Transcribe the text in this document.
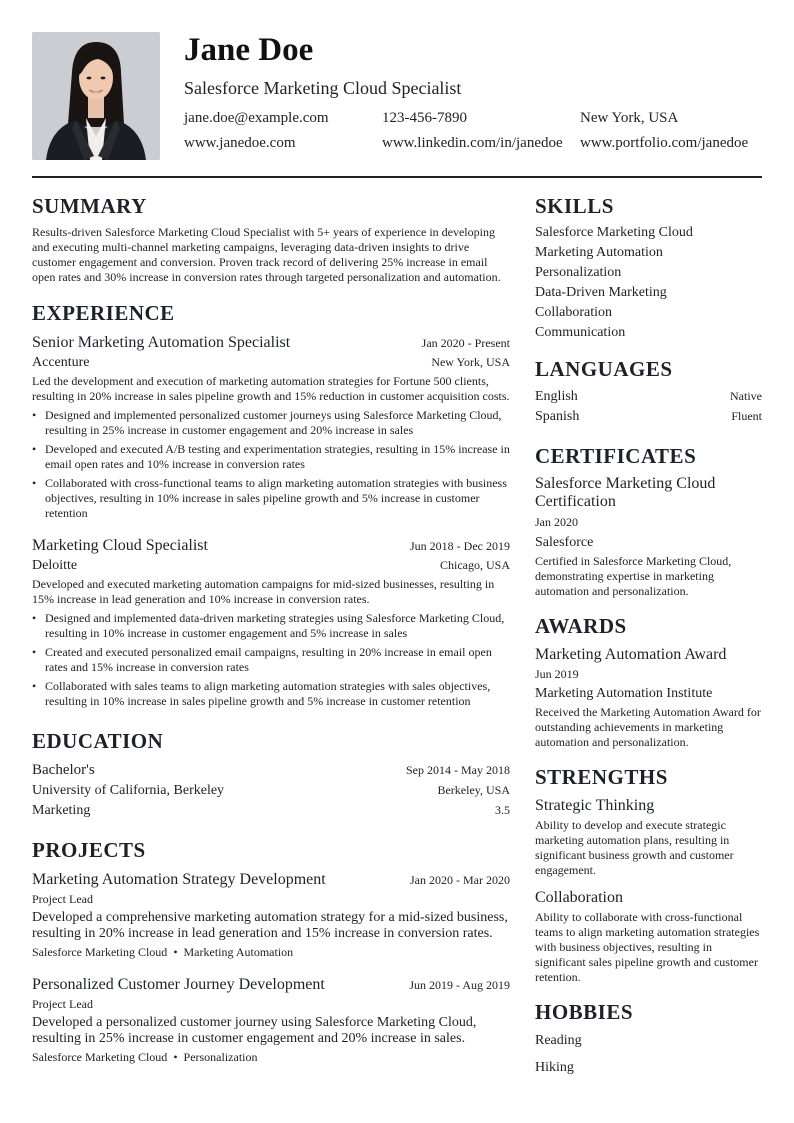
Jane Doe
Salesforce Marketing Cloud Specialist
jane.doe@example.com	123-456-7890	New York, USA
www.janedoe.com	www.linkedin.com/in/janedoe www.portfolio.com/janedoe
SUMMARY
Results-driven Salesforce Marketing Cloud Specialist with 5+ years of experience in developing and executing multi-channel marketing campaigns, leveraging data-driven insights to drive customer engagement and conversion. Proven track record of delivering 25% increase in email open rates and 30% increase in conversion rates through targeted personalization and automation.
EXPERIENCE
Senior Marketing Automation Specialist	Jan 2020 - Present
Accenture	New York, USA
Led the development and execution of marketing automation strategies for Fortune 500 clients, resulting in 20% increase in sales pipeline growth and 15% reduction in customer acquisition costs.
• Designed and implemented personalized customer journeys using Salesforce Marketing Cloud, resulting in 25% increase in customer engagement and 20% increase in sales
• Developed and executed A/B testing and experimentation strategies, resulting in 15% increase in email open rates and 10% increase in conversion rates
• Collaborated with cross-functional teams to align marketing automation strategies with business objectives, resulting in 10% increase in sales pipeline growth and 5% increase in customer retention
Marketing Cloud Specialist	Jun 2018 - Dec 2019
Deloitte	Chicago, USA
Developed and executed marketing automation campaigns for mid-sized businesses, resulting in 15% increase in lead generation and 10% increase in conversion rates.
• Designed and implemented data-driven marketing strategies using Salesforce Marketing Cloud, resulting in 10% increase in customer engagement and 5% increase in sales
• Created and executed personalized email campaigns, resulting in 20% increase in email open rates and 15% increase in conversion rates
• Collaborated with sales teams to align marketing automation strategies with sales objectives, resulting in 10% increase in sales pipeline growth and 5% increase in customer retention
EDUCATION
Bachelor's	Sep 2014 - May 2018
University of California, Berkeley	Berkeley, USA
Marketing	3.5
PROJECTS
Marketing Automation Strategy Development	Jan 2020 - Mar 2020
Project Lead
Developed a comprehensive marketing automation strategy for a mid-sized business, resulting in 20% increase in lead generation and 15% increase in conversion rates.
Salesforce Marketing Cloud • Marketing Automation
Personalized Customer Journey Development	Jun 2019 - Aug 2019
Project Lead
Developed a personalized customer journey using Salesforce Marketing Cloud, resulting in 25% increase in customer engagement and 20% increase in sales.
Salesforce Marketing Cloud • Personalization
SKILLS
Salesforce Marketing Cloud
Marketing Automation
Personalization
Data-Driven Marketing
Collaboration
Communication
LANGUAGES
English	Native
Spanish	Fluent
CERTIFICATES
Salesforce Marketing Cloud Certification
Jan 2020
Salesforce
Certified in Salesforce Marketing Cloud, demonstrating expertise in marketing automation and personalization.
AWARDS
Marketing Automation Award
Jun 2019
Marketing Automation Institute
Received the Marketing Automation Award for outstanding achievements in marketing automation and personalization.
STRENGTHS
Strategic Thinking
Ability to develop and execute strategic marketing automation plans, resulting in significant business growth and customer engagement.
Collaboration
Ability to collaborate with cross-functional teams to align marketing automation strategies with business objectives, resulting in significant sales pipeline growth and customer retention.
HOBBIES
Reading
Hiking
